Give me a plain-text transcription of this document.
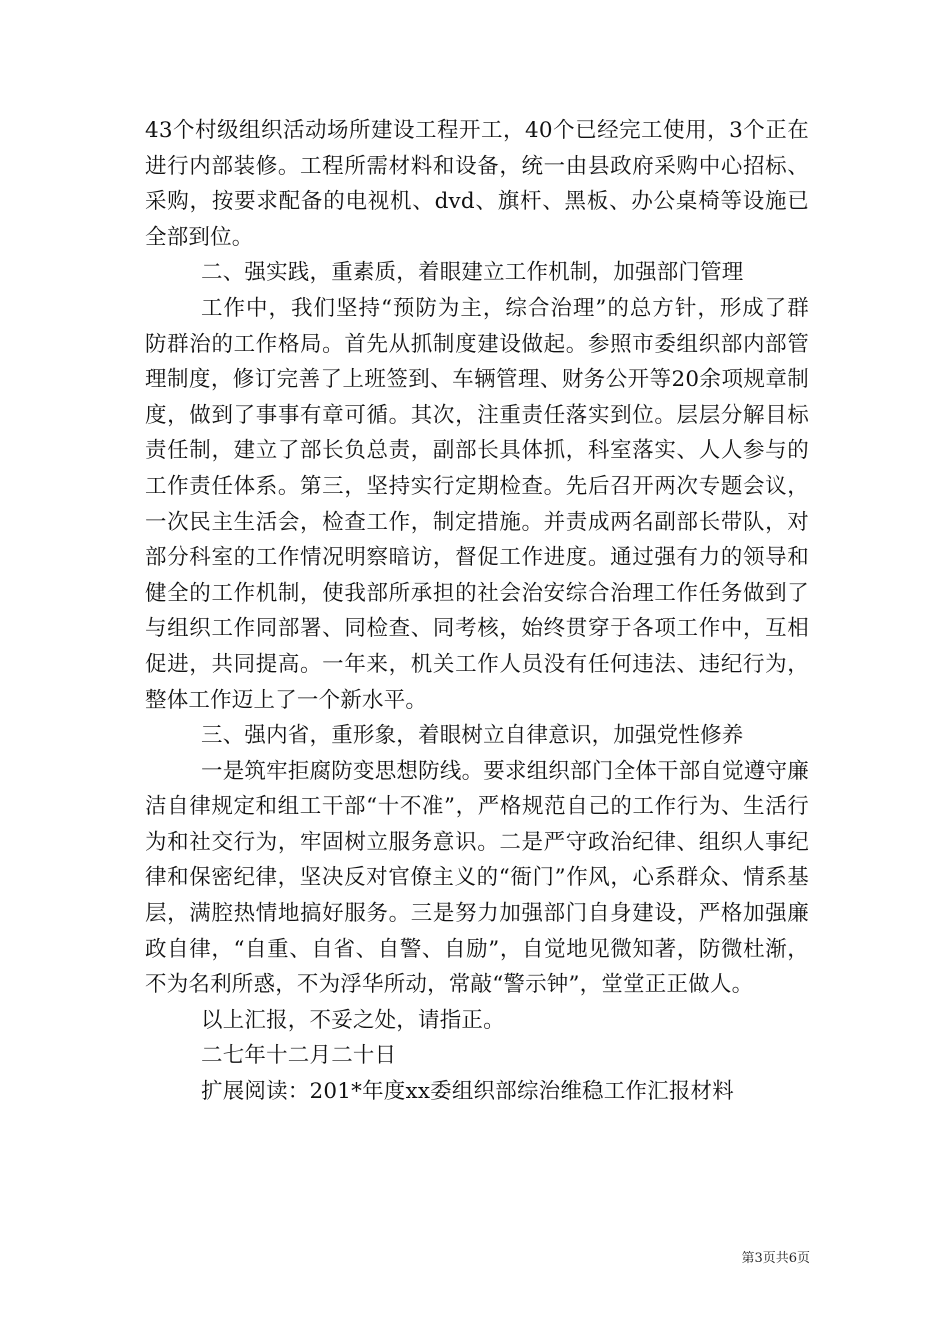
43个村级组织活动场所建设工程开工，40个已经完工使用，3个正在进行内部装修。工程所需材料和设备，统一由县政府采购中心招标、采购，按要求配备的电视机、dvd、旗杆、黑板、办公桌椅等设施已全部到位。

二、强实践，重素质，着眼建立工作机制，加强部门管理

工作中，我们坚持“预防为主，综合治理”的总方针，形成了群防群治的工作格局。首先从抓制度建设做起。参照市委组织部内部管理制度，修订完善了上班签到、车辆管理、财务公开等20余项规章制度，做到了事事有章可循。其次，注重责任落实到位。层层分解目标责任制，建立了部长负总责，副部长具体抓，科室落实、人人参与的工作责任体系。第三，坚持实行定期检查。先后召开两次专题会议，一次民主生活会，检查工作，制定措施。并责成两名副部长带队，对部分科室的工作情况明察暗访，督促工作进度。通过强有力的领导和健全的工作机制，使我部所承担的社会治安综合治理工作任务做到了与组织工作同部署、同检查、同考核，始终贯穿于各项工作中，互相促进，共同提高。一年来，机关工作人员没有任何违法、违纪行为，整体工作迈上了一个新水平。

三、强内省，重形象，着眼树立自律意识，加强党性修养

一是筑牢拒腐防变思想防线。要求组织部门全体干部自觉遵守廉洁自律规定和组工干部“十不准”，严格规范自己的工作行为、生活行为和社交行为，牢固树立服务意识。二是严守政治纪律、组织人事纪律和保密纪律，坚决反对官僚主义的“衙门”作风，心系群众、情系基层，满腔热情地搞好服务。三是努力加强部门自身建设，严格加强廉政自律，“自重、自省、自警、自励”，自觉地见微知著，防微杜渐，不为名利所惑，不为浮华所动，常敲“警示钟”，堂堂正正做人。

以上汇报，不妥之处，请指正。

二七年十二月二十日

扩展阅读：201*年度xx委组织部综治维稳工作汇报材料

第3页共6页
